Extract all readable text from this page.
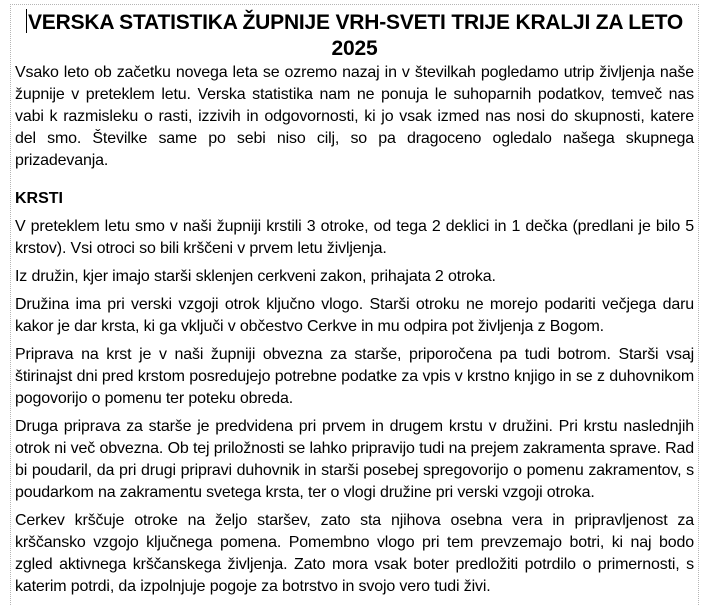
VERSKA STATISTIKA ŽUPNIJE VRH-SVETI TRIJE KRALJI ZA LETO 2025

Vsako leto ob začetku novega leta se ozremo nazaj in v številkah pogledamo utrip življenja naše župnije v preteklem letu. Verska statistika nam ne ponuja le suhoparnih podatkov, temveč nas vabi k razmisleku o rasti, izzivih in odgovornosti, ki jo vsak izmed nas nosi do skupnosti, katere del smo. Številke same po sebi niso cilj, so pa dragoceno ogledalo našega skupnega prizadevanja.

KRSTI

V preteklem letu smo v naši župniji krstili 3 otroke, od tega 2 deklici in 1 dečka (predlani je bilo 5 krstov). Vsi otroci so bili krščeni v prvem letu življenja.

Iz družin, kjer imajo starši sklenjen cerkveni zakon, prihajata 2 otroka.

Družina ima pri verski vzgoji otrok ključno vlogo. Starši otroku ne morejo podariti večjega daru kakor je dar krsta, ki ga vključi v občestvo Cerkve in mu odpira pot življenja z Bogom.

Priprava na krst je v naši župniji obvezna za starše, priporočena pa tudi botrom. Starši vsaj štirinajst dni pred krstom posredujejo potrebne podatke za vpis v krstno knjigo in se z duhovnikom pogovorijo o pomenu ter poteku obreda.

Druga priprava za starše je predvidena pri prvem in drugem krstu v družini. Pri krstu naslednjih otrok ni več obvezna. Ob tej priložnosti se lahko pripravijo tudi na prejem zakramenta sprave. Rad bi poudaril, da pri drugi pripravi duhovnik in starši posebej spregovorijo o pomenu zakramentov, s poudarkom na zakramentu svetega krsta, ter o vlogi družine pri verski vzgoji otroka.

Cerkev krščuje otroke na željo staršev, zato sta njihova osebna vera in pripravljenost za krščansko vzgojo ključnega pomena. Pomembno vlogo pri tem prevzemajo botri, ki naj bodo zgled aktivnega krščanskega življenja. Zato mora vsak boter predložiti potrdilo o primernosti, s katerim potrdi, da izpolnjuje pogoje za botrstvo in svojo vero tudi živi.
